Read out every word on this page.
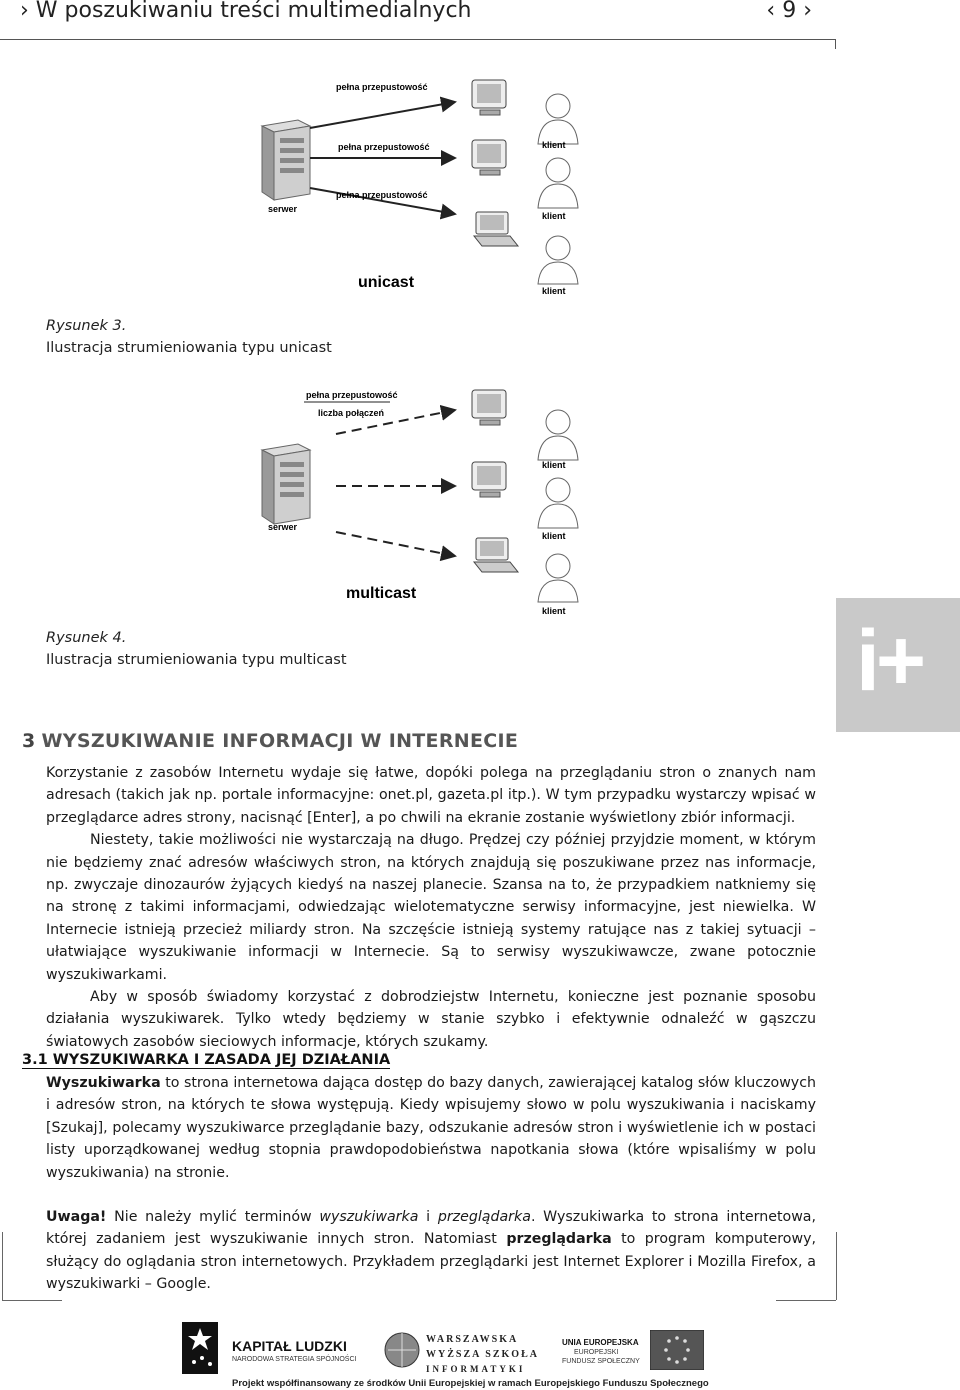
› W poszukiwaniu treści multimedialnych	‹ 9 ›
serwer
pełna przepustowość
pełna przepustowość
pełna przepustowość
klient
klient
klient
unicast
Rysunek 3.
Ilustracja strumieniowania typu unicast
serwer
pełna przepustowość
liczba połączeń
klient
klient
klient
multicast
Rysunek 4.
Ilustracja strumieniowania typu multicast	i+
3 WYSZUKIWANIE INFORMACJI W INTERNECIE

Korzystanie z zasobów Internetu wydaje się łatwe, dopóki polega na przeglądaniu stron o znanych nam adresach (takich jak np. portale informacyjne: onet.pl, gazeta.pl itp.). W tym przypadku wystarczy wpisać w przeglądarce adres strony, nacisnąć [Enter], a po chwili na ekranie zostanie wyświetlony zbiór informacji.

Niestety, takie możliwości nie wystarczają na długo. Prędzej czy później przyjdzie moment, w którym nie będziemy znać adresów właściwych stron, na których znajdują się poszukiwane przez nas informacje, np. zwyczaje dinozaurów żyjących kiedyś na naszej planecie. Szansa na to, że przypadkiem natkniemy się na stronę z takimi informacjami, odwiedzając wielotematyczne serwisy informacyjne, jest niewielka. W Internecie istnieją przecież miliardy stron. Na szczęście istnieją systemy ratujące nas z takiej sytuacji – ułatwiające wyszukiwanie informacji w Internecie. Są to serwisy wyszukiwawcze, zwane potocznie wyszukiwarkami.

Aby w sposób świadomy korzystać z dobrodziejstw Internetu, konieczne jest poznanie sposobu działania wyszukiwarek. Tylko wtedy będziemy w stanie szybko i efektywnie odnaleźć w gąszczu światowych zasobów sieciowych informacje, których szukamy.

3.1 WYSZUKIWARKA I ZASADA JEJ DZIAŁANIA

Wyszukiwarka to strona internetowa dająca dostęp do bazy danych, zawierającej katalog słów kluczowych i adresów stron, na których te słowa występują. Kiedy wpisujemy słowo w polu wyszukiwania i naciskamy [Szukaj], polecamy wyszukiwarce przeglądanie bazy, odszukanie adresów stron i wyświetlenie ich w postaci listy uporządkowanej według stopnia prawdopodobieństwa napotkania słowa (które wpisaliśmy w polu wyszukiwania) na stronie.

Uwaga! Nie należy mylić terminów wyszukiwarka i przeglądarka. Wyszukiwarka to strona internetowa, której zadaniem jest wyszukiwanie innych stron. Natomiast przeglądarka to program komputerowy, służący do oglądania stron internetowych. Przykładem przeglądarki jest Internet Explorer i Mozilla Firefox, a wyszukiwarki – Google.

KAPITAŁ LUDZKI
NARODOWA STRATEGIA SPÓJNOŚCI
WARSZAWSKA
WYŻSZA SZKOŁA
INFORMATYKI
UNIA EUROPEJSKA
EUROPEJSKI
FUNDUSZ SPOŁECZNY
Projekt współfinansowany ze środków Unii Europejskiej w ramach Europejskiego Funduszu Społecznego
